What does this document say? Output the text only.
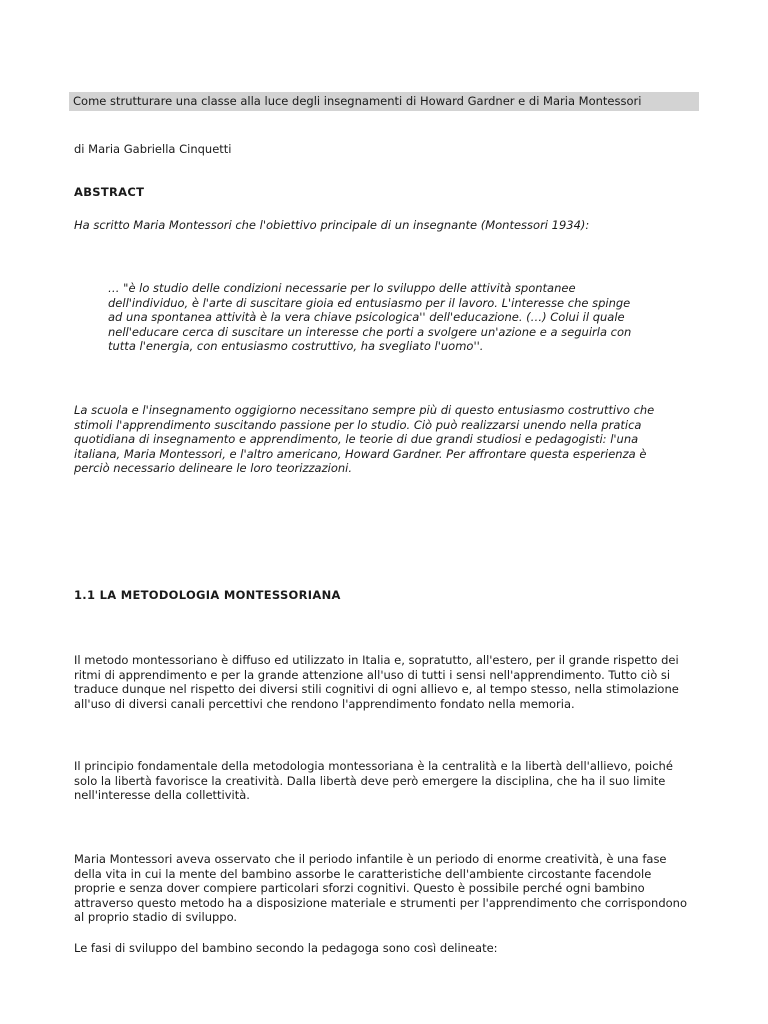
Come strutturare una classe alla luce degli insegnamenti di Howard Gardner e di Maria Montessori
di Maria Gabriella Cinquetti
ABSTRACT
Ha scritto Maria Montessori che l'obiettivo principale di un insegnante (Montessori 1934):
… "è lo studio delle condizioni necessarie per lo sviluppo delle attività spontanee
dell'individuo, è l'arte di suscitare gioia ed entusiasmo per il lavoro. L'interesse che spinge
ad una spontanea attività è la vera chiave psicologica'' dell'educazione. (…) Colui il quale
nell'educare cerca di suscitare un interesse che porti a svolgere un'azione e a seguirla con
tutta l'energia, con entusiasmo costruttivo, ha svegliato l'uomo''.
La scuola e l'insegnamento oggigiorno necessitano sempre più di questo entusiasmo costruttivo che
stimoli l'apprendimento suscitando passione per lo studio. Ciò può realizzarsi unendo nella pratica
quotidiana di insegnamento e apprendimento, le teorie di due grandi studiosi e pedagogisti: l'una
italiana, Maria Montessori, e l'altro americano, Howard Gardner. Per affrontare questa esperienza è
perciò necessario delineare le loro teorizzazioni.
1.1 LA METODOLOGIA MONTESSORIANA
Il metodo montessoriano è diffuso ed utilizzato in Italia e, sopratutto, all'estero, per il grande rispetto dei
ritmi di apprendimento e per la grande attenzione all'uso di tutti i sensi nell'apprendimento. Tutto ciò si
traduce dunque nel rispetto dei diversi stili cognitivi di ogni allievo e, al tempo stesso, nella stimolazione
all'uso di diversi canali percettivi che rendono l'apprendimento fondato nella memoria.
Il principio fondamentale della metodologia montessoriana è la centralità e la libertà dell'allievo, poiché
solo la libertà favorisce la creatività. Dalla libertà deve però emergere la disciplina, che ha il suo limite
nell'interesse della collettività.
Maria Montessori aveva osservato che il periodo infantile è un periodo di enorme creatività, è una fase
della vita in cui la mente del bambino assorbe le caratteristiche dell'ambiente circostante facendole
proprie e senza dover compiere particolari sforzi cognitivi. Questo è possibile perché ogni bambino
attraverso questo metodo ha a disposizione materiale e strumenti per l'apprendimento che corrispondono
al proprio stadio di sviluppo.
Le fasi di sviluppo del bambino secondo la pedagoga sono così delineate:
